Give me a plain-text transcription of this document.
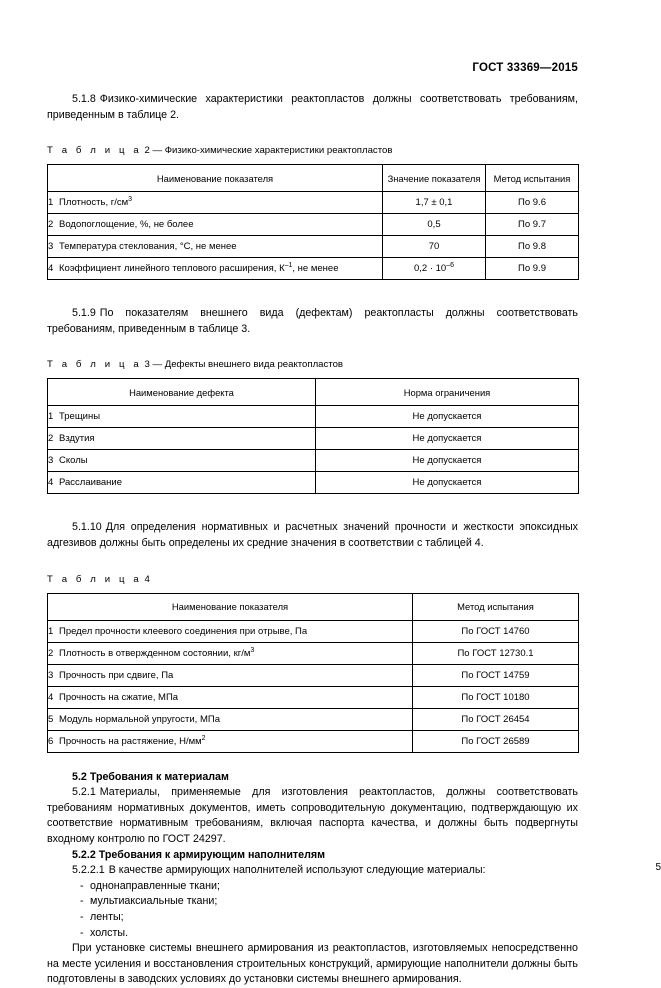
ГОСТ 33369—2015

5.1.8 Физико-химические характеристики реактопластов должны соответствовать требованиям, приведенным в таблице 2.

Т а б л и ц а 2 — Физико-химические характеристики реактопластов

Наименование показателя	Значение показателя	Метод испытания
1 Плотность, $г/см^3$	1,7 ± 0,1	По 9.6
2 Водопоглощение, %, не более	0,5	По 9.7
3 Температура стеклования, °С, не менее	70	По 9.8
4 Коэффициент линейного теплового расширения, $К^{-1}$, не менее	$0,2 \cdot 10^{-6}$	По 9.9

5.1.9 По показателям внешнего вида (дефектам) реактопласты должны соответствовать требованиям, приведенным в таблице 3.

Т а б л и ц а 3 — Дефекты внешнего вида реактопластов

Наименование дефекта	Норма ограничения
1 Трещины	Не допускается
2 Вздутия	Не допускается
3 Сколы	Не допускается
4 Расслаивание	Не допускается

5.1.10 Для определения нормативных и расчетных значений прочности и жесткости эпоксидных адгезивов должны быть определены их средние значения в соответствии с таблицей 4.

Т а б л и ц а 4

Наименование показателя	Метод испытания
1 Предел прочности клеевого соединения при отрыве, Па	По ГОСТ 14760
2 Плотность в отвержденном состоянии, $кг/м^3$	По ГОСТ 12730.1
3 Прочность при сдвиге, Па	По ГОСТ 14759
4 Прочность на сжатие, МПа	По ГОСТ 10180
5 Модуль нормальной упругости, МПа	По ГОСТ 26454
6 Прочность на растяжение, $Н/мм^2$	По ГОСТ 26589

5.2 Требования к материалам

5.2.1 Материалы, применяемые для изготовления реактопластов, должны соответствовать требованиям нормативных документов, иметь сопроводительную документацию, подтверждающую их соответствие нормативным требованиям, включая паспорта качества, и должны быть подвергнуты входному контролю по ГОСТ 24297.

5.2.2 Требования к армирующим наполнителям

5.2.2.1 В качестве армирующих наполнителей используют следующие материалы:

- однонаправленные ткани;

- мультиаксиальные ткани;

- ленты;

- холсты.

При установке системы внешнего армирования из реактопластов, изготовляемых непосредственно на месте усиления и восстановления строительных конструкций, армирующие наполнители должны быть подготовлены в заводских условиях до установки системы внешнего армирования.

5
